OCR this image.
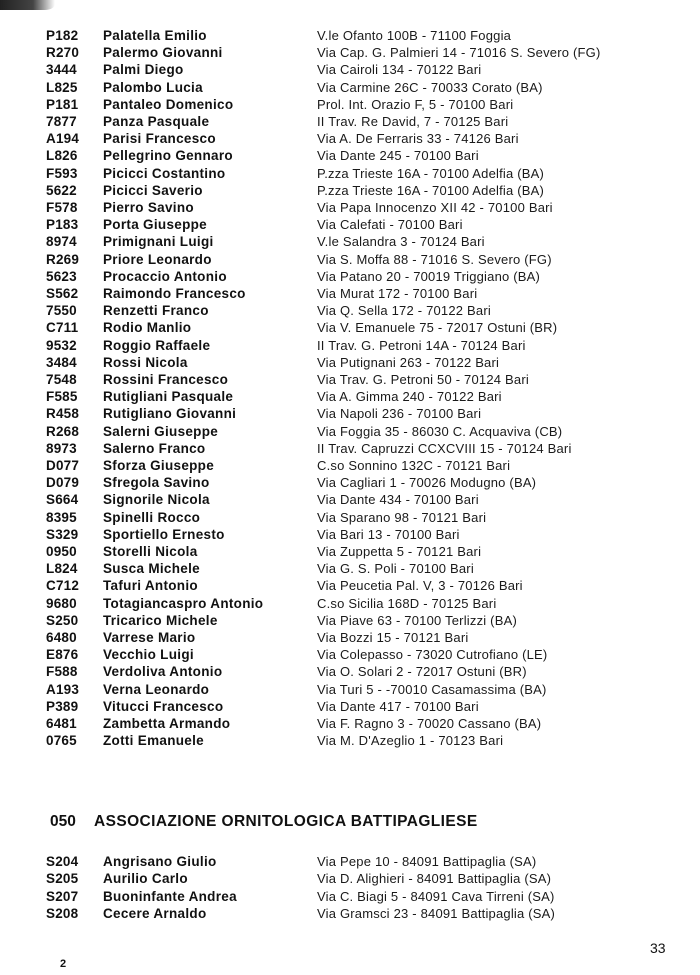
P182 Palatella Emilio	V.le Ofanto 100B - 71100 Foggia
R270 Palermo Giovanni	Via Cap. G. Palmieri 14 - 71016 S. Severo (FG)
3444 Palmi Diego	Via Cairoli 134 - 70122 Bari
L825 Palombo Lucia	Via Carmine 26C - 70033 Corato (BA)
P181 Pantaleo Domenico	Prol. Int. Orazio F, 5 - 70100 Bari
7877 Panza Pasquale	II Trav. Re David, 7 - 70125 Bari
A194 Parisi Francesco	Via A. De Ferraris 33 - 74126 Bari
L826 Pellegrino Gennaro	Via Dante 245 - 70100 Bari
F593 Picicci Costantino	P.zza Trieste 16A - 70100 Adelfia (BA)
5622 Picicci Saverio	P.zza Trieste 16A - 70100 Adelfia (BA)
F578 Pierro Savino	Via Papa Innocenzo XII 42 - 70100 Bari
P183 Porta Giuseppe	Via Calefati - 70100 Bari
8974 Primignani Luigi	V.le Salandra 3 - 70124 Bari
R269 Priore Leonardo	Via S. Moffa 88 - 71016 S. Severo (FG)
5623 Procaccio Antonio	Via Patano 20 - 70019 Triggiano (BA)
S562 Raimondo Francesco	Via Murat 172 - 70100 Bari
7550 Renzetti Franco	Via Q. Sella 172 - 70122 Bari
C711 Rodio Manlio	Via V. Emanuele 75 - 72017 Ostuni (BR)
9532 Roggio Raffaele	II Trav. G. Petroni 14A - 70124 Bari
3484 Rossi Nicola	Via Putignani 263 - 70122 Bari
7548 Rossini Francesco	Via Trav. G. Petroni 50 - 70124 Bari
F585 Rutigliani Pasquale	Via A. Gimma 240 - 70122 Bari
R458 Rutigliano Giovanni	Via Napoli 236 - 70100 Bari
R268 Salerni Giuseppe	Via Foggia 35 - 86030 C. Acquaviva (CB)
8973 Salerno Franco	II Trav. Capruzzi CCXCVIII 15 - 70124 Bari
D077 Sforza Giuseppe	C.so Sonnino 132C - 70121 Bari
D079 Sfregola Savino	Via Cagliari 1 - 70026 Modugno (BA)
S664 Signorile Nicola	Via Dante 434 - 70100 Bari
8395 Spinelli Rocco	Via Sparano 98 - 70121 Bari
S329 Sportiello Ernesto	Via Bari 13 - 70100 Bari
0950 Storelli Nicola	Via Zuppetta 5 - 70121 Bari
L824 Susca Michele	Via G. S. Poli - 70100 Bari
C712 Tafuri Antonio	Via Peucetia Pal. V, 3 - 70126 Bari
9680 Totagiancaspro Antonio	C.so Sicilia 168D - 70125 Bari
S250 Tricarico Michele	Via Piave 63 - 70100 Terlizzi (BA)
6480 Varrese Mario	Via Bozzi 15 - 70121 Bari
E876 Vecchio Luigi	Via Colepasso - 73020 Cutrofiano (LE)
F588 Verdoliva Antonio	Via O. Solari 2 - 72017 Ostuni (BR)
A193 Verna Leonardo	Via Turi 5 - -70010 Casamassima (BA)
P389 Vitucci Francesco	Via Dante 417 - 70100 Bari
6481 Zambetta Armando	Via F. Ragno 3 - 70020 Cassano (BA)
0765 Zotti Emanuele	Via M. D'Azeglio 1 - 70123 Bari
050 ASSOCIAZIONE ORNITOLOGICA BATTIPAGLIESE
S204 Angrisano Giulio	Via Pepe 10 - 84091 Battipaglia (SA)
S205 Aurilio Carlo	Via D. Alighieri - 84091 Battipaglia (SA)
S207 Buoninfante Andrea	Via C. Biagi 5 - 84091 Cava Tirreni (SA)
S208 Cecere Arnaldo	Via Gramsci 23 - 84091 Battipaglia (SA)
33
2
